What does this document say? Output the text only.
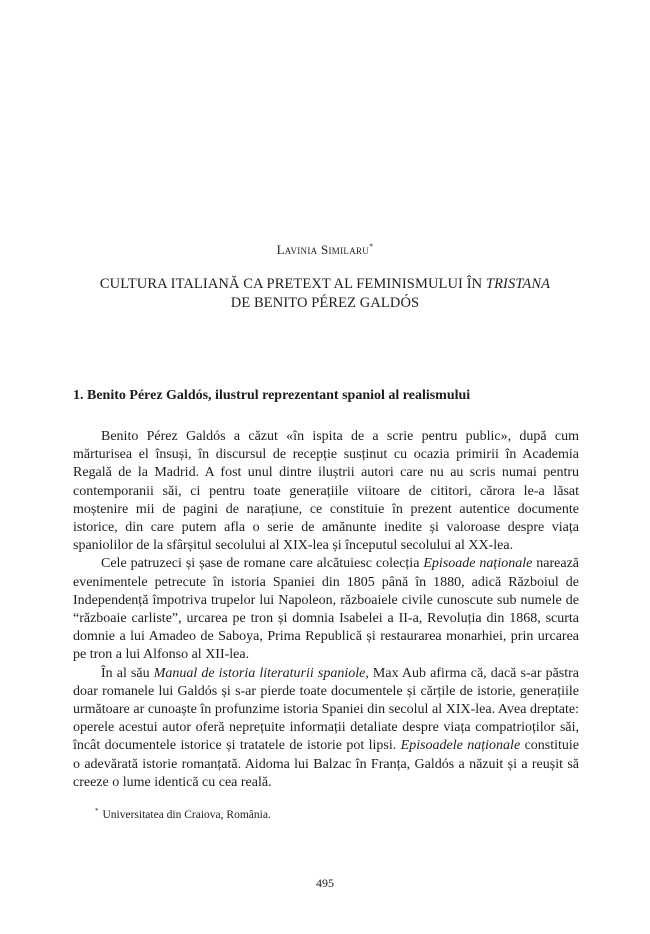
Lavinia Similaru*
CULTURA ITALIANĂ CA PRETEXT AL FEMINISMULUI ÎN TRISTANA
DE BENITO PÉREZ GALDÓS
1. Benito Pérez Galdós, ilustrul reprezentant spaniol al realismului

Benito Pérez Galdós a căzut «în ispita de a scrie pentru public», după cum mărturisea el însuși, în discursul de recepție susținut cu ocazia primirii în Academia Regală de la Madrid. A fost unul dintre iluștrii autori care nu au scris numai pentru contemporanii săi, ci pentru toate generațiile viitoare de cititori, cărora le-a lăsat moștenire mii de pagini de narațiune, ce constituie în prezent autentice documente istorice, din care putem afla o serie de amănunte inedite și valoroase despre viața spaniolilor de la sfârșitul secolului al XIX-lea și începutul secolului al XX-lea.

Cele patruzeci și șase de romane care alcătuiesc colecția Episoade naționale narează evenimentele petrecute în istoria Spaniei din 1805 până în 1880, adică Războiul de Independență împotriva trupelor lui Napoleon, războaiele civile cunoscute sub numele de “războaie carliste”, urcarea pe tron și domnia Isabelei a II-a, Revoluția din 1868, scurta domnie a lui Amadeo de Saboya, Prima Republică și restaurarea monarhiei, prin urcarea pe tron a lui Alfonso al XII-lea.

În al său Manual de istoria literaturii spaniole, Max Aub afirma că, dacă s-ar păstra doar romanele lui Galdós și s-ar pierde toate documentele și cărțile de istorie, generațiile următoare ar cunoaște în profunzime istoria Spaniei din secolul al XIX-lea. Avea dreptate: operele acestui autor oferă neprețuite informații detaliate despre viața compatrioților săi, încât documentele istorice și tratatele de istorie pot lipsi. Episoadele naționale constituie o adevărată istorie romanțată. Aidoma lui Balzac în Franța, Galdós a năzuit și a reușit să creeze o lume identică cu cea reală.

* Universitatea din Craiova, România.
495
